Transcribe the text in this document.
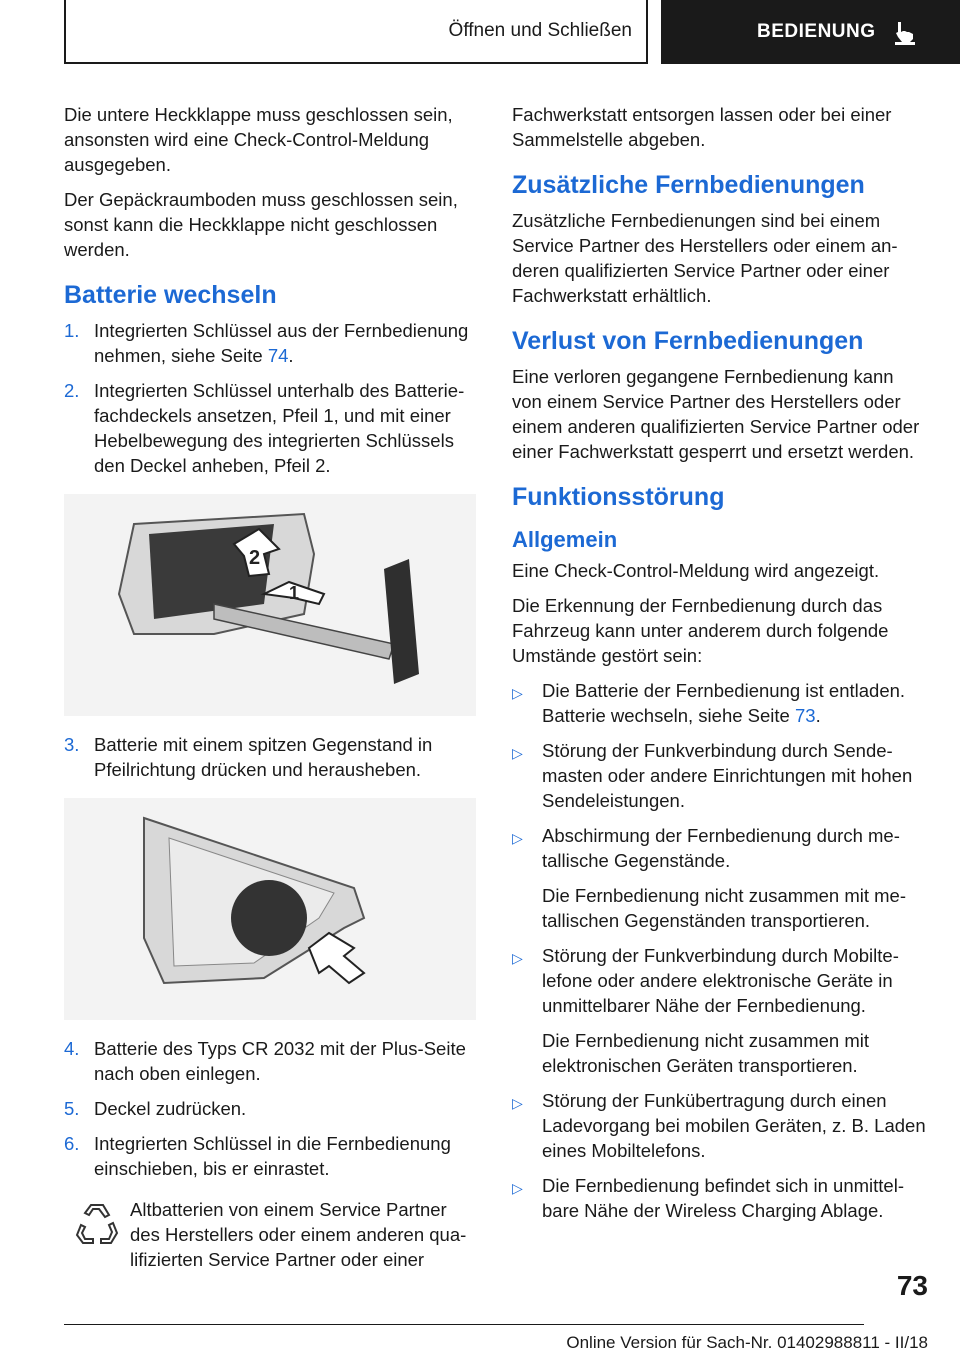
Öffnen und Schließen	BEDIENUNG

Die untere Heckklappe muss geschlossen sein, ansonsten wird eine Check-Control-Meldung ausgegeben.

Der Gepäckraumboden muss geschlossen sein, sonst kann die Heckklappe nicht geschlossen werden.

Batterie wechseln
1. Integrierten Schlüssel aus der Fernbedienung nehmen, siehe Seite 74.
2. Integrierten Schlüssel unterhalb des Batteriefachdeckels ansetzen, Pfeil 1, und mit einer Hebelbewegung des integrierten Schlüssels den Deckel anheben, Pfeil 2.
2
1
3. Batterie mit einem spitzen Gegenstand in Pfeilrichtung drücken und herausheben.
4. Batterie des Typs CR 2032 mit der Plus-Seite nach oben einlegen.
5. Deckel zudrücken.
6. Integrierten Schlüssel in die Fernbedienung einschieben, bis er einrastet.
Altbatterien von einem Service Partner des Herstellers oder einem anderen qualifizierten Service Partner oder einer

Fachwerkstatt entsorgen lassen oder bei einer Sammelstelle abgeben.

Zusätzliche Fernbedienungen

Zusätzliche Fernbedienungen sind bei einem Service Partner des Herstellers oder einem anderen qualifizierten Service Partner oder einer Fachwerkstatt erhältlich.

Verlust von Fernbedienungen

Eine verloren gegangene Fernbedienung kann von einem Service Partner des Herstellers oder einem anderen qualifizierten Service Partner oder einer Fachwerkstatt gesperrt und ersetzt werden.

Funktionsstörung
Allgemein

Eine Check-Control-Meldung wird angezeigt.

Die Erkennung der Fernbedienung durch das Fahrzeug kann unter anderem durch folgende Umstände gestört sein:

▷	Die Batterie der Fernbedienung ist entladen. Batterie wechseln, siehe Seite 73.
▷	Störung der Funkverbindung durch Sendemasten oder andere Einrichtungen mit hohen Sendeleistungen.
▷	Abschirmung der Fernbedienung durch metallische Gegenstände.
Die Fernbedienung nicht zusammen mit metallischen Gegenständen transportieren.
▷	Störung der Funkverbindung durch Mobiltelefone oder andere elektronische Geräte in unmittelbarer Nähe der Fernbedienung.
Die Fernbedienung nicht zusammen mit elektronischen Geräten transportieren.
▷	Störung der Funkübertragung durch einen Ladevorgang bei mobilen Geräten, z. B. Laden eines Mobiltelefons.
▷	Die Fernbedienung befindet sich in unmittelbare Nähe der Wireless Charging Ablage.
73
Online Version für Sach-Nr. 01402988811 - II/18
